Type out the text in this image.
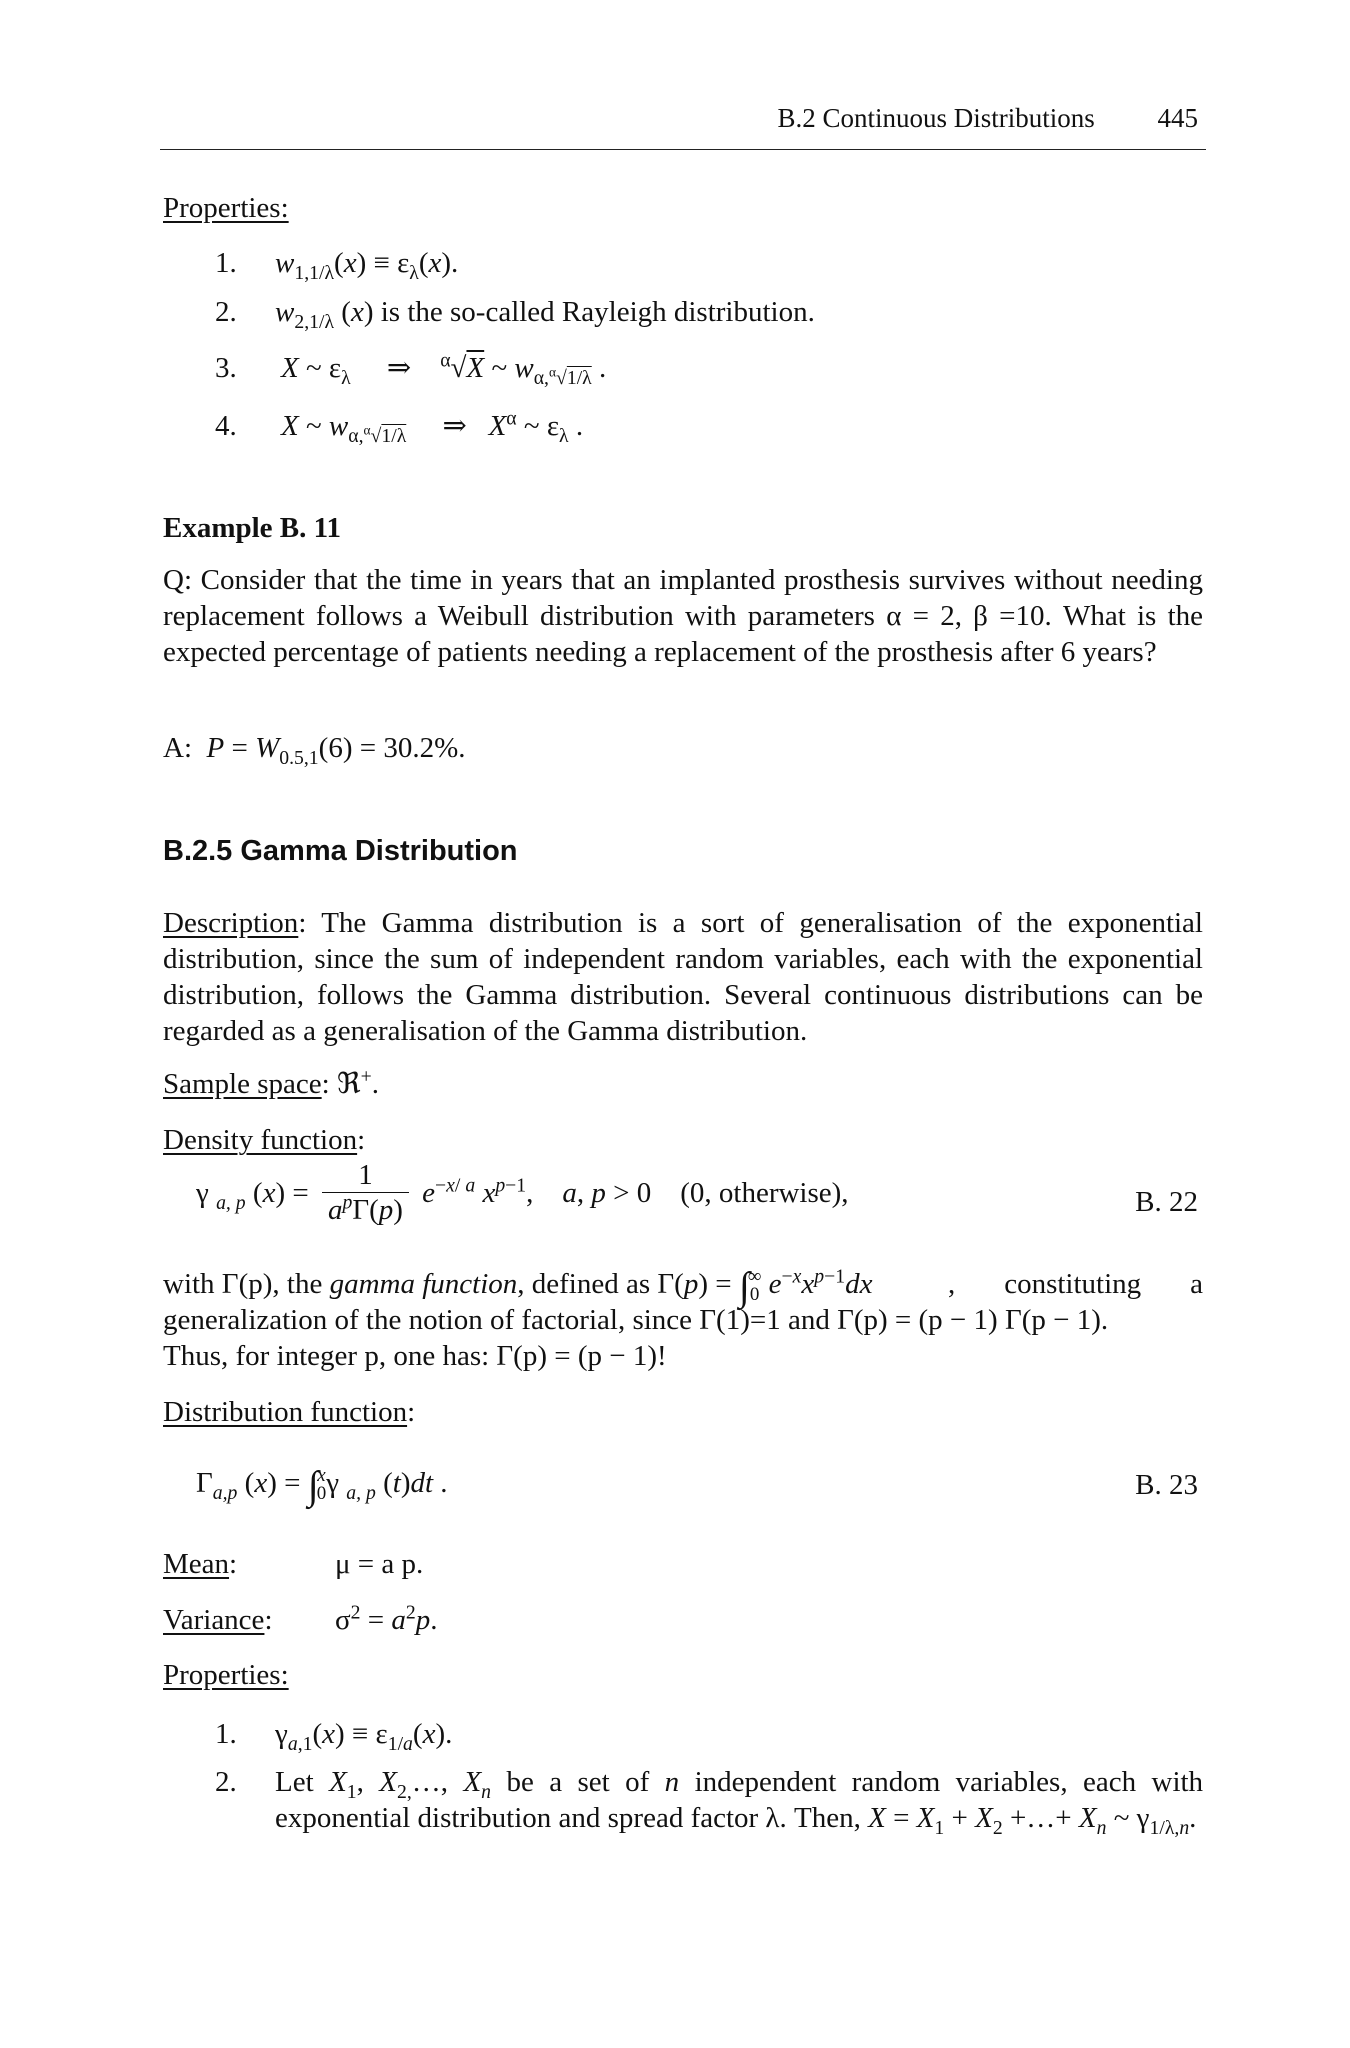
B.2 Continuous Distributions 445
Properties:
1. $w_{1,1/\lambda}(x) \equiv \varepsilon_\lambda(x)$.
2. $w_{2,1/\lambda}$ (x) is the so-called Rayleigh distribution.
3. X ~ $\varepsilon_\lambda$     ⇒    $^\alpha$√X ~ $w_{\alpha,^\alpha√1/\lambda}$ .
4. X ~ $w_{\alpha,^\alpha√1/\lambda}$     ⇒   $X^\alpha$ ~ $\varepsilon_\lambda$ .
Example B. 11
Q: Consider that the time in years that an implanted prosthesis survives without needing replacement follows a Weibull distribution with parameters α = 2, β =10. What is the expected percentage of patients needing a replacement of the prosthesis after 6 years?
A: $P = W_{0.5,1}(6) = 30.2\%$.
B.2.5 Gamma Distribution
Description: The Gamma distribution is a sort of generalisation of the exponential distribution, since the sum of independent random variables, each with the exponential distribution, follows the Gamma distribution. Several continuous distributions can be regarded as a generalisation of the Gamma distribution.
Sample space: ℜ+.
Density function:
γ $_{a, p}$ $(x) = \frac{1}{a^p\Gamma(p)} e^{-x/ a}$ $x^{p-1}$,    a, p > 0    (0, otherwise),	B. 22
with Γ(p), the gamma function, defined as Γ(p) = ∫
∞
0 $e^{-x}x^{p-1}dx$	, constituting a generalization of the notion of factorial, since Γ(1)=1 and Γ(p) = (p − 1) Γ(p − 1).
Thus, for integer p, one has: Γ(p) = (p − 1)!
Distribution function:
$\Gamma_{a,p}$ (x) = ∫
x
0 γ $_{a, p}$ (t)dt .	B. 23
Mean:	μ = a p.
Variance: $\sigma^2 = a^2p$.
Properties:
1. $\gamma_{a,1}(x) \equiv \varepsilon_{1/a}(x)$.
2. Let $X_1$, $X_{2,}\dots$, $X_n$ be a set of n independent random variables, each with exponential distribution and spread factor λ. Then, $X = X_1 + X_2$ +…+ $X_n$ ~ $\gamma_{1/\lambda,n}$.
